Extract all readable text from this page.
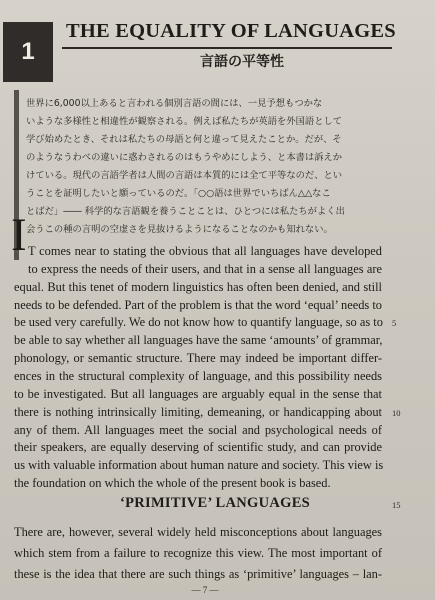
1
THE EQUALITY OF LANGUAGES
言語の平等性
世界に6,000以上あると言われる個別言語の間には、一見予想もつかな
いような多様性と相違性が観察される。例えば私たちが英語を外国語として
学び始めたとき、それは私たちの母語と何と違って見えたことか。だが、そ
のようなうわべの違いに惑わされるのはもうやめにしよう、と本書は訴えか
けている。現代の言語学者は人間の言語は本質的には全て平等なのだ、とい
うことを証明したいと願っているのだ。「○○語は世界でいちばん△△なこ
とばだ」―― 科学的な言語観を養うことことは、ひとつには私たちがよく出
会うこの種の言明の空虚さを見抜けるようになることなのかも知れない。
I T comes near to stating the obvious that all languages have developed
to express the needs of their users, and that in a sense all languages are
equal. But this tenet of modern linguistics has often been denied, and still
needs to be defended. Part of the problem is that the word ‘equal’ needs to
be used very carefully. We do not know how to quantify language, so as to
be able to say whether all languages have the same ‘amounts’ of grammar,
phonology, or semantic structure. There may indeed be important differ-
ences in the structural complexity of language, and this possibility needs
to be investigated. But all languages are arguably equal in the sense that
there is nothing intrinsically limiting, demeaning, or handicapping about
any of them. All languages meet the social and psychological needs of
their speakers, are equally deserving of scientific study, and can provide
5
10
15
‘PRIMITIVE’ LANGUAGES
There are, however, several widely held misconceptions about languages
which stem from a failure to recognize this view. The most important of
these is the idea that there are such things as ‘primitive’ languages – lan-
— 7 —
us with valuable information about human nature and society. This view is
the foundation on which the whole of the present book is based.
